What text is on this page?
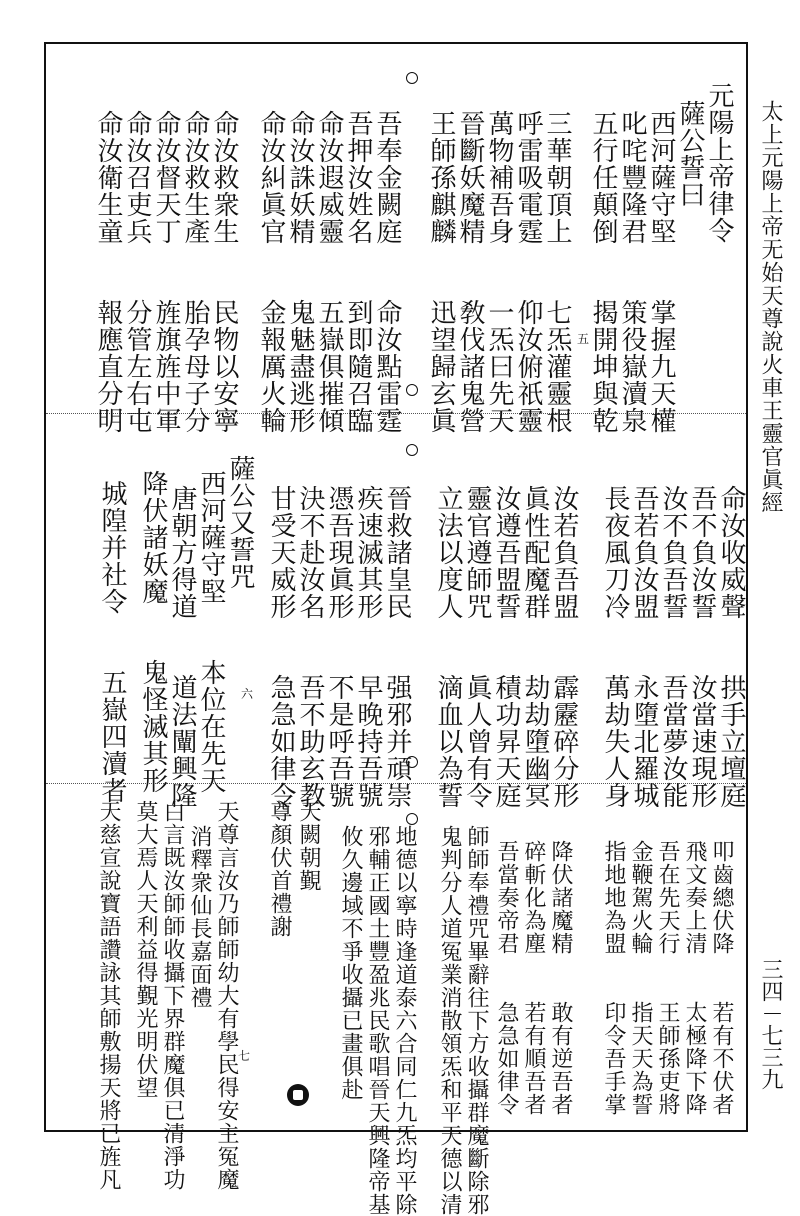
太上元陽上帝无始天尊說火車王靈官眞經
三四－七三九
五
六
七
元陽上帝律令
薩公誓曰
西河薩守堅　　掌握九天權
叱咤豐隆君　　策役嶽瀆泉
五行任顛倒　　揭開坤與乾
三華朝頂上　　七炁灌靈根
呼雷吸電霆　　仰汝俯祇靈
萬物補吾身　　一炁曰先天
晉斷妖魔精　　敎伐諸鬼營
王師孫麒麟　　迅望歸玄眞
吾奉金闕庭　　命汝點雷霆
吾押汝姓名　　到即隨召臨
命汝遐威靈　　五嶽俱摧傾
命汝誅妖精　　鬼魅盡逃形
命汝糾眞官　　金報厲火輪
命汝救衆生　　民物以安寧
命汝救生產　　胎孕母子分
命汝督天丁　　旌旗旌中軍
命汝召吏兵　　分管左右屯
命汝衛生童　　報應直分明
命汝收威聲　　拱手立壇庭
吾不負汝誓　　汝當速現形
汝不負吾誓　　吾當夢汝能
吾若負汝盟　　永墮北羅城
長夜風刀冷　　萬劫失人身
汝若負吾盟　　霹靂碎分形
眞性配魔群　　劫劫墮幽冥
汝遵吾盟誓　　積功昇天庭
靈官遵師咒　　眞人曾有令
立法以度人　　滴血以為誓
晉救諸皇民　　强邪并頑崇
疾速滅其形　　早晚持吾號
憑吾現眞形　　不是呼吾號
決不赴汝名　　吾不助玄教
甘受天威形　　急急如律令
薩公又誓咒
西河薩守堅　　本位在先天
唐朝方得道　　道法闡興隆
降伏諸妖魔　　鬼怪滅其形
城隍并社令　　五嶽四瀆者
叩齒總伏降　　若有不伏者
飛文奏上清　　太極降下降
吾在先天行　　王師孫吏將
金鞭駕火輪　　指天天為誓
指地地為盟　　印令吾手掌
降伏諸魔精　　敢有逆吾者
碎斬化為塵　　若有順吾者
吾當奏帝君　　急急如律令
師師奉禮咒畢辭往下方收攝群魔斷除邪
鬼判分人道冤業消散領炁和平天德以清
地德以寧時逢道泰六合同仁九炁均平除
邪輔正國土豐盈兆民歌唱晉天興隆帝基
攸久邊域不爭收攝已畫俱赴
天闕朝覲
尊顏伏首禮謝
天尊言汝乃師師幼大有學民得安主冤魔
消釋衆仙長嘉面禮
白言既汝師師收攝下界群魔俱已清淨功
莫大焉人天利益得覲光明伏望
天慈宣說寶語讚詠其師敷揚天將已旌凡
